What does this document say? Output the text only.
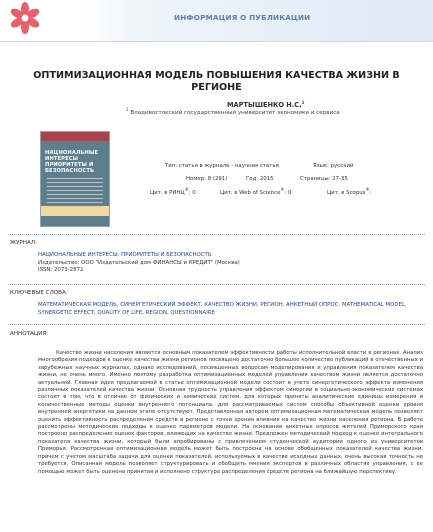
ИНФОРМАЦИЯ О ПУБЛИКАЦИИ
ОПТИМИЗАЦИОННАЯ МОДЕЛЬ ПОВЫШЕНИЯ КАЧЕСТВА ЖИЗНИ В РЕГИОНЕ
МАРТЫШЕНКО Н.С.$^1$
$^1$ Владивостокский государственный университет экономики и сервиса
НАЦИОНАЛЬНЫЕ ИНТЕРЕСЫ ПРИОРИТЕТЫ И БЕЗОПАСНОСТЬ
Тип: статья в журнале - научная статья	Язык: русский
Номер: 8 (291)	Год: 2015	Страницы: 27-35
Цит. в РИНЦ®: 0	Цит. в Web of Science®: 0	Цит. в Scopus®:
ЖУРНАЛ:
НАЦИОНАЛЬНЫЕ ИНТЕРЕСЫ: ПРИОРИТЕТЫ И БЕЗОПАСНОСТЬ
Издательство: ООО "Издательский дом ФИНАНСЫ и КРЕДИТ" (Москва)
ISSN: 2073-2872
КЛЮЧЕВЫЕ СЛОВА:
МАТЕМАТИЧЕСКАЯ МОДЕЛЬ, СИНЕРГЕТИЧЕСКИЙ ЭФФЕКТ, КАЧЕСТВО ЖИЗНИ, РЕГИОН, АНКЕТНЫЙ ОПРОС, MATHEMATICAL MODEL, SYNERGETIC EFFECT, QUALITY OF LIFE, REGION, QUESTIONNAIRE
АННОТАЦИЯ:
Качество жизни населения является основным показателем эффективности работы исполнительной власти в регионах. Анализ многообразия подходов к оценке качества жизни регионов посвящено достаточно большое количество публикаций в отечественных и зарубежных научных журналах, однако исследований, посвященных вопросам моделирования и управления показателем качества жизни, не очень много. Именно поэтому разработка оптимизационных моделей управления качеством жизни является достаточно актуальной. Главная идея предлагаемой в статье оптимизационной модели состоит в учете синергетического эффекта изменения различных показателей качества жизни. Основная трудность управления эффектом синергии в социально-экономических системах состоит в том, что в отличие от физических и химических систем, для которых приняты аналитические единицы измерения и количественные методы оценки внутреннего потенциала, для рассматриваемых систем способы объективной оценки уровня внутренней энергетики на данном этапе отсутствуют. Представленная автором оптимизационная математическая модель позволяет оценить эффективность распределения средств в регионе с точки зрения влияния на качество жизни населения региона. В работе рассмотрены методические подходы к оценке параметров модели. На основании анкетных опросов жителей Приморского края построено распределение оценок факторов, влияющих на качество жизни. Предложен методический подход к оценке интегрального показателя качества жизни, который были апробированы с привлечением студенческой аудитории одного из университетов Приморья. Рассмотренная оптимизационная модель может быть построена на основе обобщенных показателей качества жизни, причем с учетом масштаба задачи для оценки показателей, используемых в качестве исходных данных, очень высокая точность не требуется. Описанная модель позволяет структурировать и обобщить мнения экспертов в различных областях управления, с ее помощью может быть оценена принятая и исполнено структура распределения средств региона на ближайшую перспективу.
